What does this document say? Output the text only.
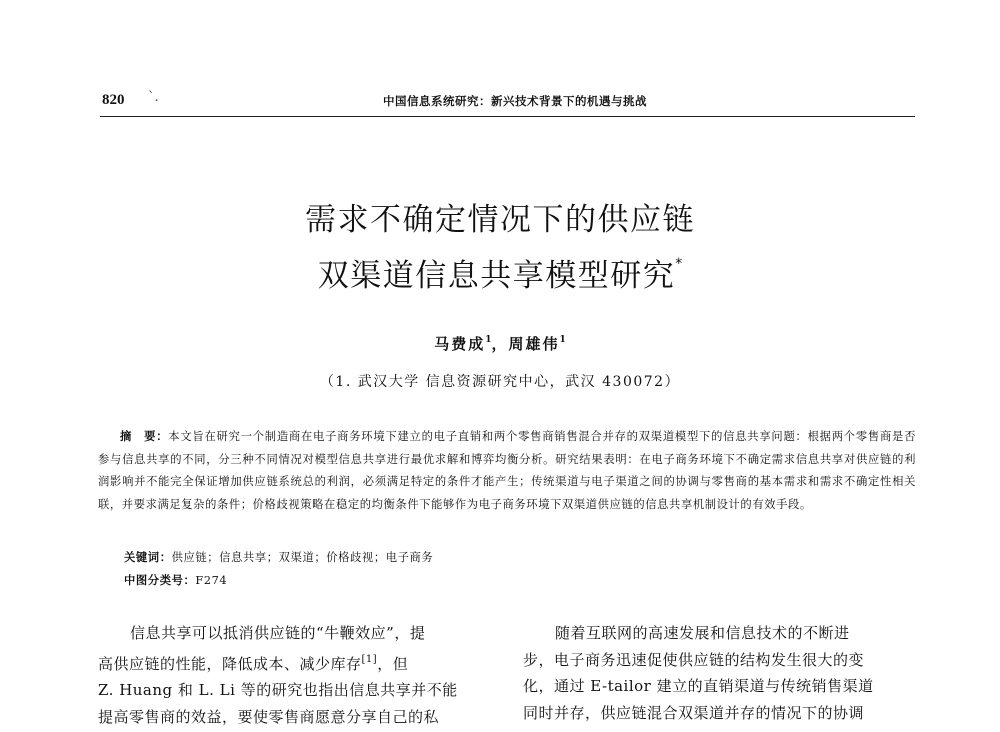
820 `.	中国信息系统研究：新兴技术背景下的机遇与挑战
需求不确定情况下的供应链
双渠道信息共享模型研究*
马费成$^1$，周雄伟$^1$
（1. 武汉大学 信息资源研究中心，武汉 430072）
摘　要：本文旨在研究一个制造商在电子商务环境下建立的电子直销和两个零售商销售混合并存的双渠道模型下的信息共享问题：根据两个零售商是否参与信息共享的不同，分三种不同情况对模型信息共享进行最优求解和博弈均衡分析。研究结果表明：在电子商务环境下不确定需求信息共享对供应链的利润影响并不能完全保证增加供应链系统总的利润，必须满足特定的条件才能产生；传统渠道与电子渠道之间的协调与零售商的基本需求和需求不确定性相关联，并要求满足复杂的条件；价格歧视策略在稳定的均衡条件下能够作为电子商务环境下双渠道供应链的信息共享机制设计的有效手段。
关键词：供应链；信息共享；双渠道；价格歧视；电子商务
中图分类号：F274
信息共享可以抵消供应链的“牛鞭效应”，提
高供应链的性能，降低成本、减少库存[1]，但
Z. Huang 和 L. Li 等的研究也指出信息共享并不能
提高零售商的效益，要使零售商愿意分享自己的私
随着互联网的高速发展和信息技术的不断进
步，电子商务迅速促使供应链的结构发生很大的变
化，通过 E-tailor 建立的直销渠道与传统销售渠道
同时并存，供应链混合双渠道并存的情况下的协调
